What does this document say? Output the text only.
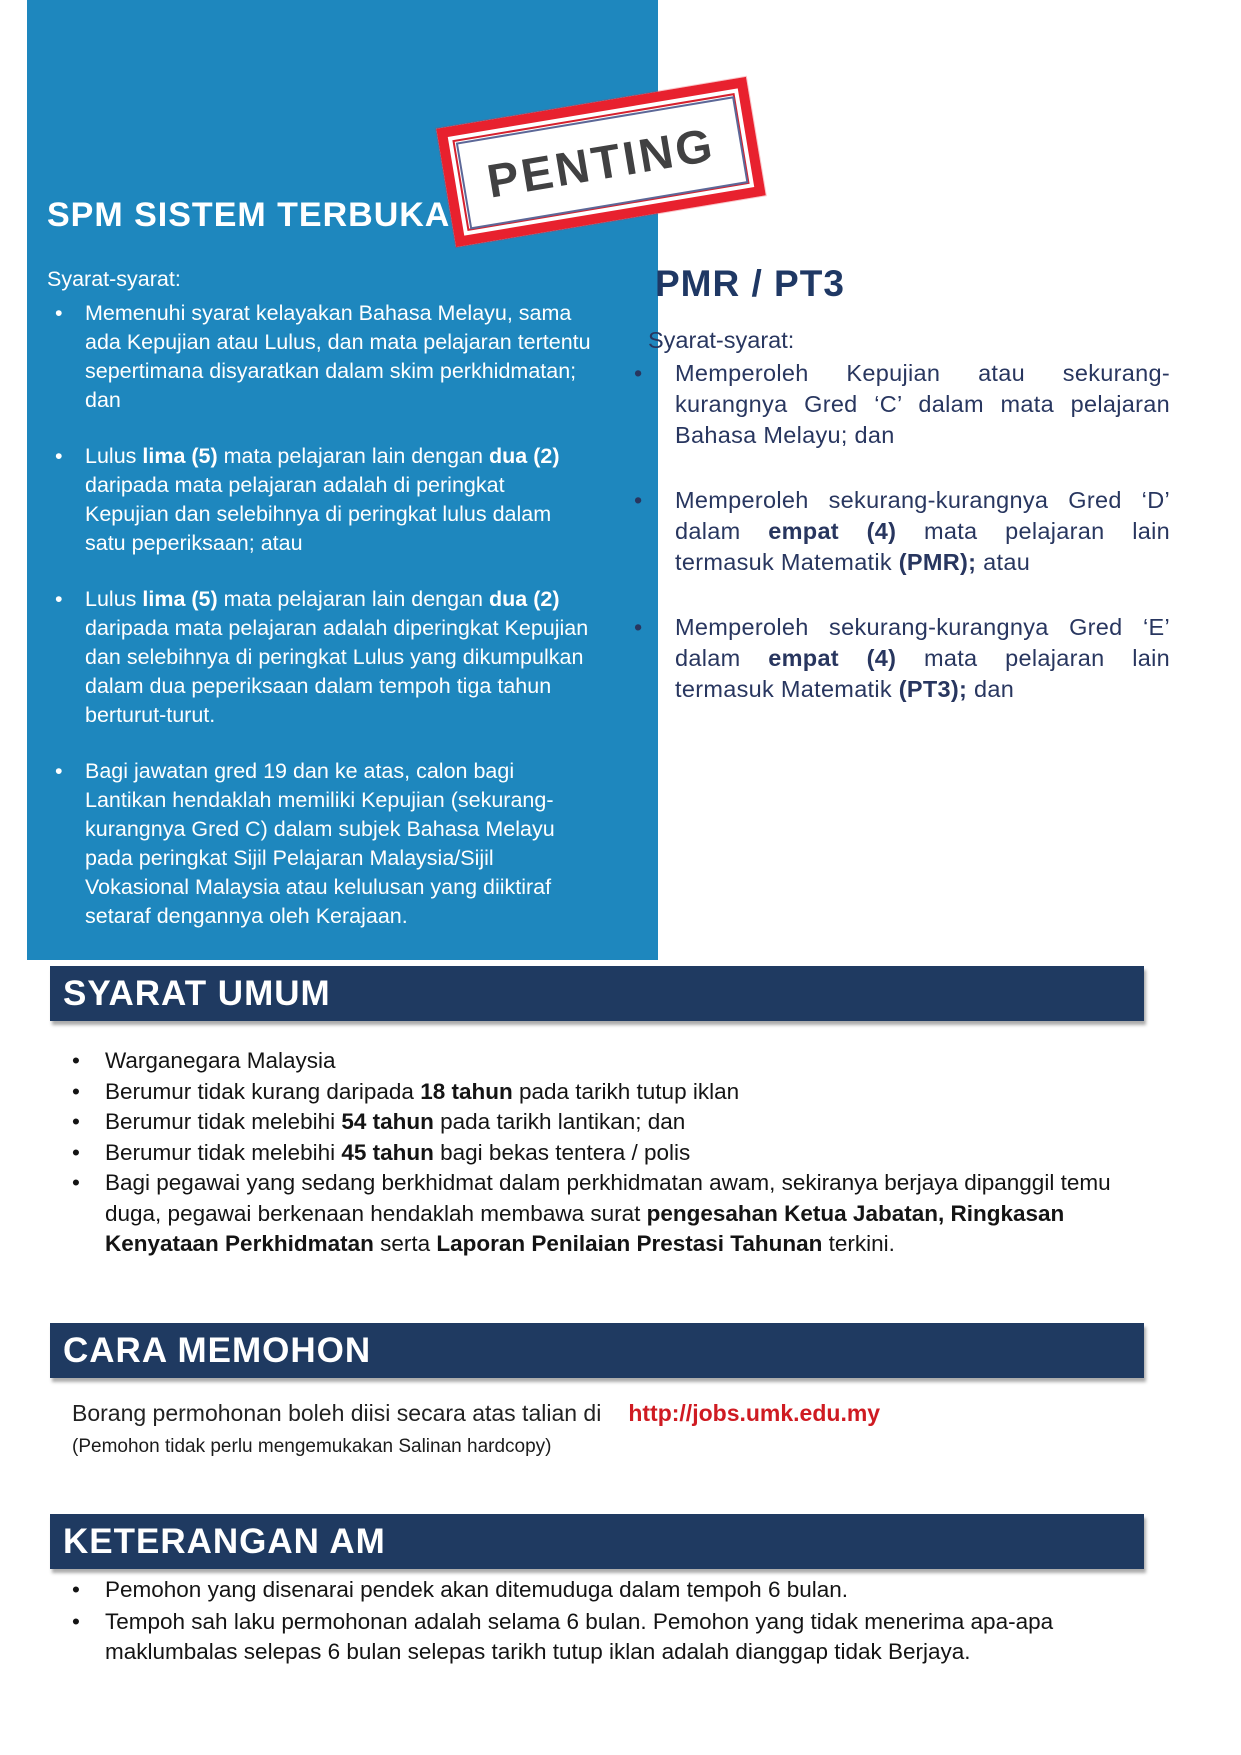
SPM SISTEM TERBUKA
Syarat-syarat:
• Memenuhi syarat kelayakan Bahasa Melayu, sama ada Kepujian atau Lulus, dan mata pelajaran tertentu sepertimana disyaratkan dalam skim perkhidmatan; dan
• Lulus lima (5) mata pelajaran lain dengan dua (2) daripada mata pelajaran adalah di peringkat Kepujian dan selebihnya di peringkat lulus dalam satu peperiksaan; atau
• Lulus lima (5) mata pelajaran lain dengan dua (2) daripada mata pelajaran adalah diperingkat Kepujian dan selebihnya di peringkat Lulus yang dikumpulkan dalam dua peperiksaan dalam tempoh tiga tahun berturut-turut.
• Bagi jawatan gred 19 dan ke atas, calon bagi Lantikan hendaklah memiliki Kepujian (sekurang-kurangnya Gred C) dalam subjek Bahasa Melayu pada peringkat Sijil Pelajaran Malaysia/Sijil Vokasional Malaysia atau kelulusan yang diiktiraf setaraf dengannya oleh Kerajaan.
PENTING
PMR / PT3
Syarat-syarat:
• Memperoleh Kepujian atau sekurang-kurangnya Gred ‘C’ dalam mata pelajaran Bahasa Melayu; dan
• Memperoleh sekurang-kurangnya Gred ‘D’ dalam empat (4) mata pelajaran lain termasuk Matematik (PMR); atau
• Memperoleh sekurang-kurangnya Gred ‘E’ dalam empat (4) mata pelajaran lain termasuk Matematik (PT3); dan
SYARAT UMUM
• Warganegara Malaysia
• Berumur tidak kurang daripada 18 tahun pada tarikh tutup iklan
• Berumur tidak melebihi 54 tahun pada tarikh lantikan; dan
• Berumur tidak melebihi 45 tahun bagi bekas tentera / polis
• Bagi pegawai yang sedang berkhidmat dalam perkhidmatan awam, sekiranya berjaya dipanggil temu duga, pegawai berkenaan hendaklah membawa surat pengesahan Ketua Jabatan, Ringkasan Kenyataan Perkhidmatan serta Laporan Penilaian Prestasi Tahunan terkini.
CARA MEMOHON
Borang permohonan boleh diisi secara atas talian di http://jobs.umk.edu.my
(Pemohon tidak perlu mengemukakan Salinan hardcopy)
KETERANGAN AM
• Pemohon yang disenarai pendek akan ditemuduga dalam tempoh 6 bulan.
• Tempoh sah laku permohonan adalah selama 6 bulan. Pemohon yang tidak menerima apa-apa maklumbalas selepas 6 bulan selepas tarikh tutup iklan adalah dianggap tidak Berjaya.
